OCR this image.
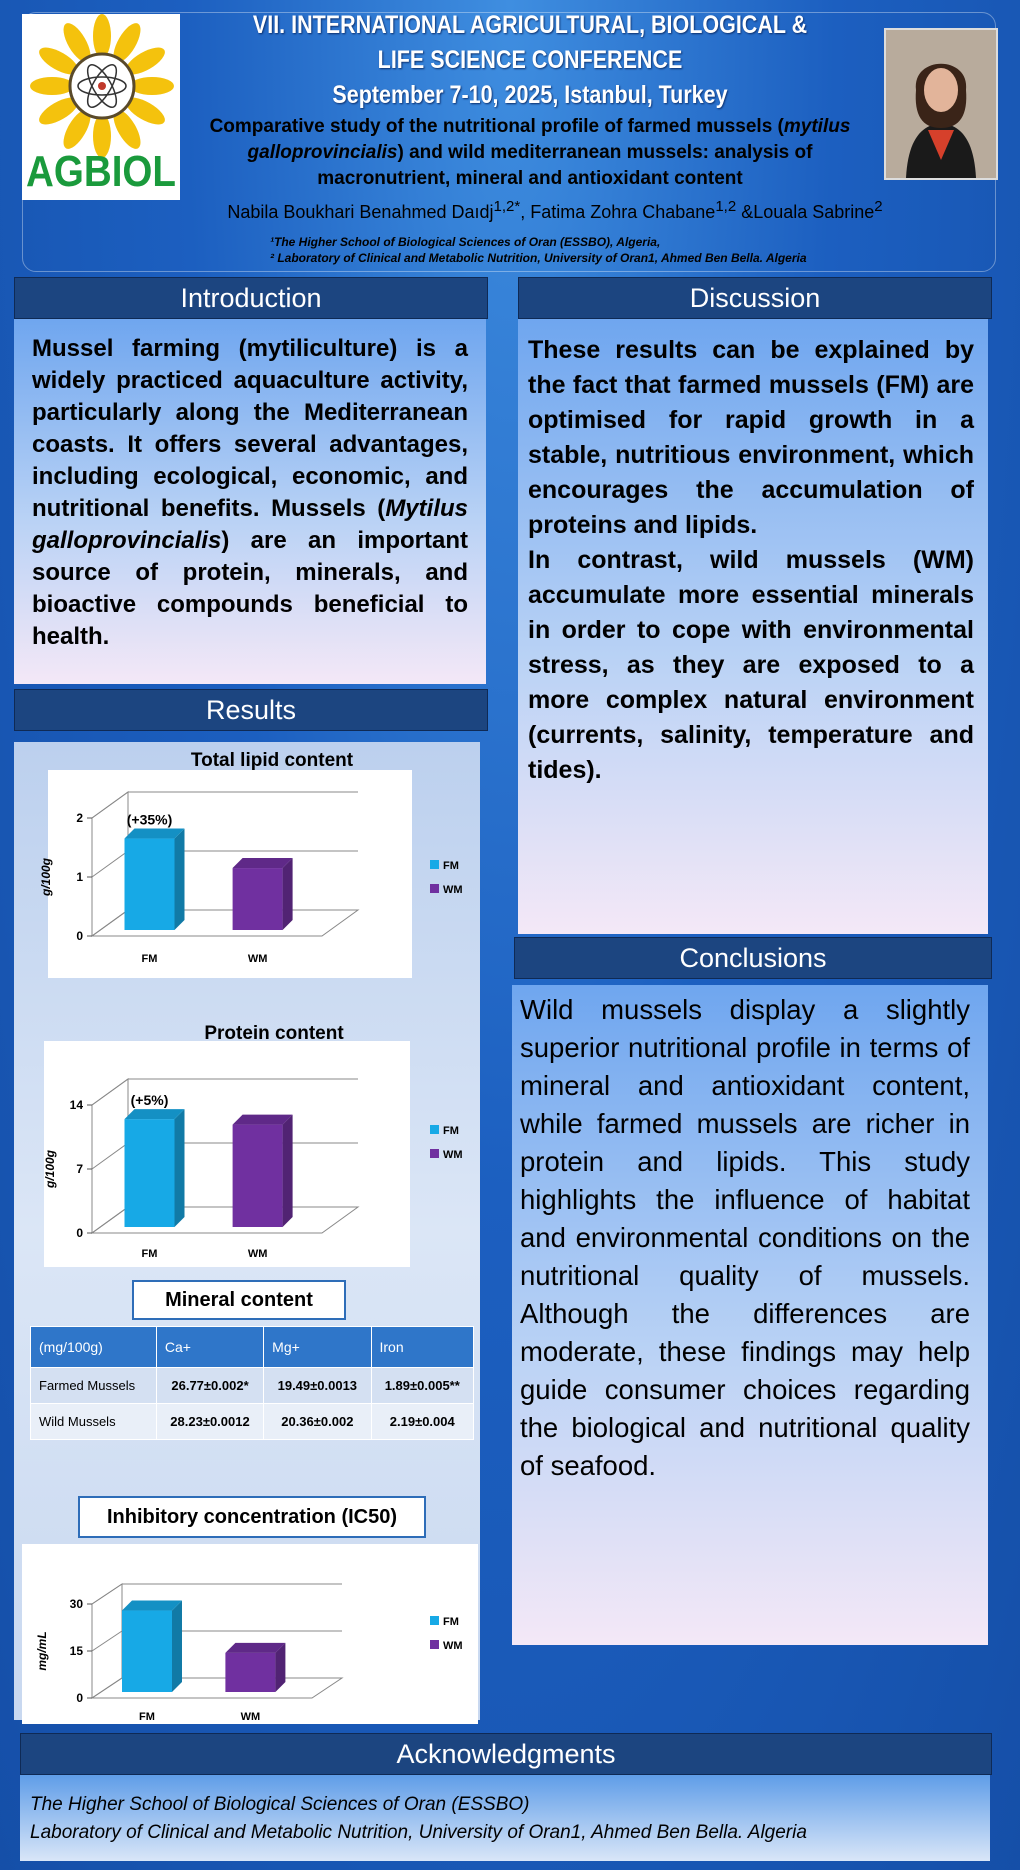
AGBIOL
VII. INTERNATIONAL AGRICULTURAL, BIOLOGICAL &
LIFE SCIENCE CONFERENCE
September 7-10, 2025, Istanbul, Turkey
Comparative study of the nutritional profile of farmed mussels (mytilus galloprovincialis) and wild mediterranean mussels: analysis of macronutrient, mineral and antioxidant content
Nabila Boukhari Benahmed Daıdj$^{1,2*}$, Fatima Zohra Chabane$^{1,2}$ &Louala Sabrine$^2$
¹The Higher School of Biological Sciences of Oran (ESSBO), Algeria,
² Laboratory of Clinical and Metabolic Nutrition, University of Oran1, Ahmed Ben Bella. Algeria
Introduction
Mussel farming (mytiliculture) is a widely practiced aquaculture activity, particularly along the Mediterranean coasts. It offers several advantages, including ecological, economic, and nutritional benefits. Mussels (Mytilus galloprovincialis) are an important source of protein, minerals, and bioactive compounds beneficial to health.
Results
Total lipid content
0
1
2
g/100g
FM
(+35%)
WM
FM
WM
Protein content
0
7
14
g/100g
FM
(+5%)
WM
FM
WM
Mineral content
(mg/100g)	Ca+	Mg+	Iron
Farmed Mussels	26.77±0.002*	19.49±0.0013	1.89±0.005**
Wild Mussels	28.23±0.0012	20.36±0.002	2.19±0.004
Inhibitory concentration (IC50)
0
15
30
mg/mL
FM	WM
FM
WM
Discussion
These results can be explained by the fact that farmed mussels (FM) are optimised for rapid growth in a stable, nutritious environment, which encourages the accumulation of proteins and lipids.
In contrast, wild mussels (WM) accumulate more essential minerals in order to cope with environmental stress, as they are exposed to a more complex natural environment (currents, salinity, temperature and tides).
Conclusions
Wild mussels display a slightly superior nutritional profile in terms of mineral and antioxidant content, while farmed mussels are richer in protein and lipids. This study highlights the influence of habitat and environmental conditions on the nutritional quality of mussels. Although the differences are moderate, these findings may help guide consumer choices regarding the biological and nutritional quality of seafood.
Acknowledgments
The Higher School of Biological Sciences of Oran (ESSBO)
Laboratory of Clinical and Metabolic Nutrition, University of Oran1, Ahmed Ben Bella. Algeria
